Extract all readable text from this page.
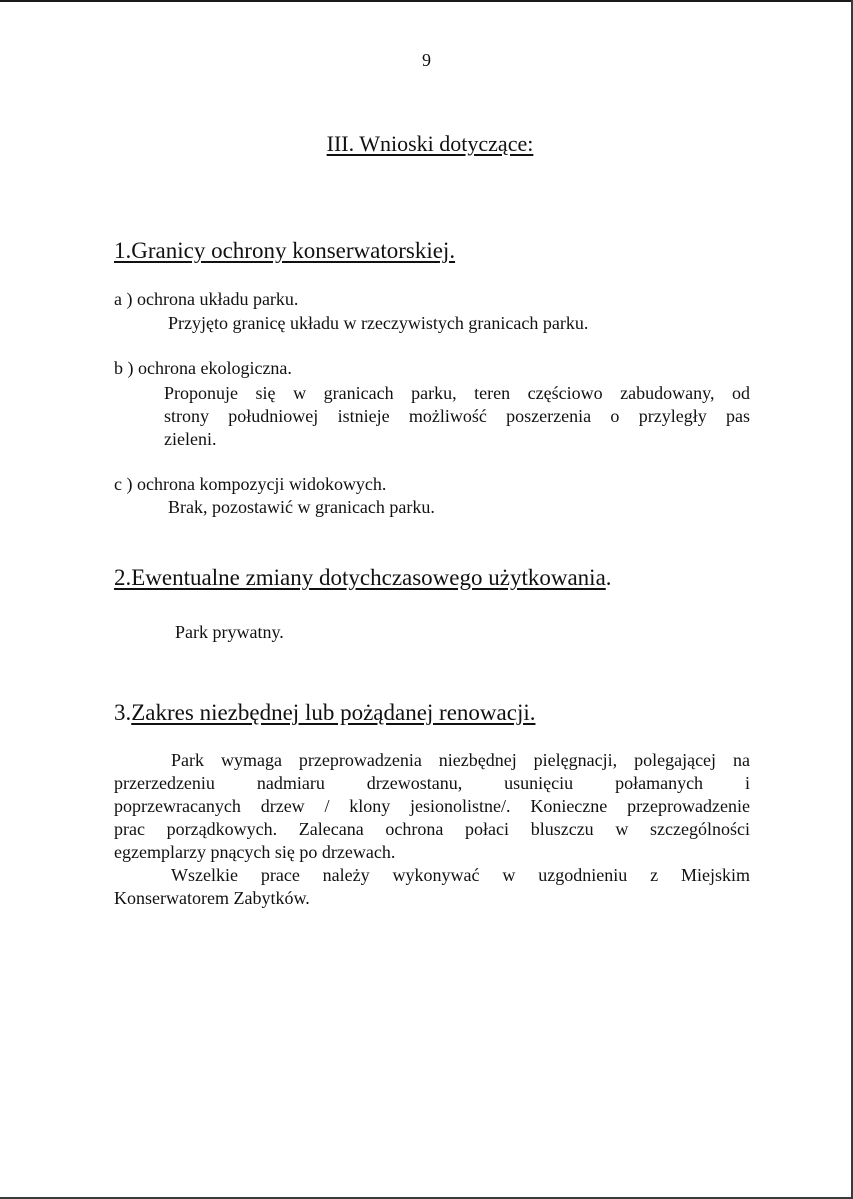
9
III. Wnioski dotyczące:
1.Granicy ochrony konserwatorskiej.
a ) ochrona układu parku.
Przyjęto granicę układu w rzeczywistych granicach parku.
b ) ochrona ekologiczna.
Proponuje się w granicach parku, teren częściowo zabudowany, od
strony południowej istnieje możliwość poszerzenia o przyległy pas
zieleni.
c ) ochrona kompozycji widokowych.
Brak, pozostawić w granicach parku.
2.Ewentualne zmiany dotychczasowego użytkowania.
Park prywatny.
3.Zakres niezbędnej lub pożądanej renowacji.
Park wymaga przeprowadzenia niezbędnej pielęgnacji, polegającej na
przerzedzeniu nadmiaru drzewostanu, usunięciu połamanych i
poprzewracanych drzew / klony jesionolistne/. Konieczne przeprowadzenie
prac porządkowych. Zalecana ochrona połaci bluszczu w szczególności
egzemplarzy pnących się po drzewach.
Wszelkie prace należy wykonywać w uzgodnieniu z Miejskim
Konserwatorem Zabytków.
